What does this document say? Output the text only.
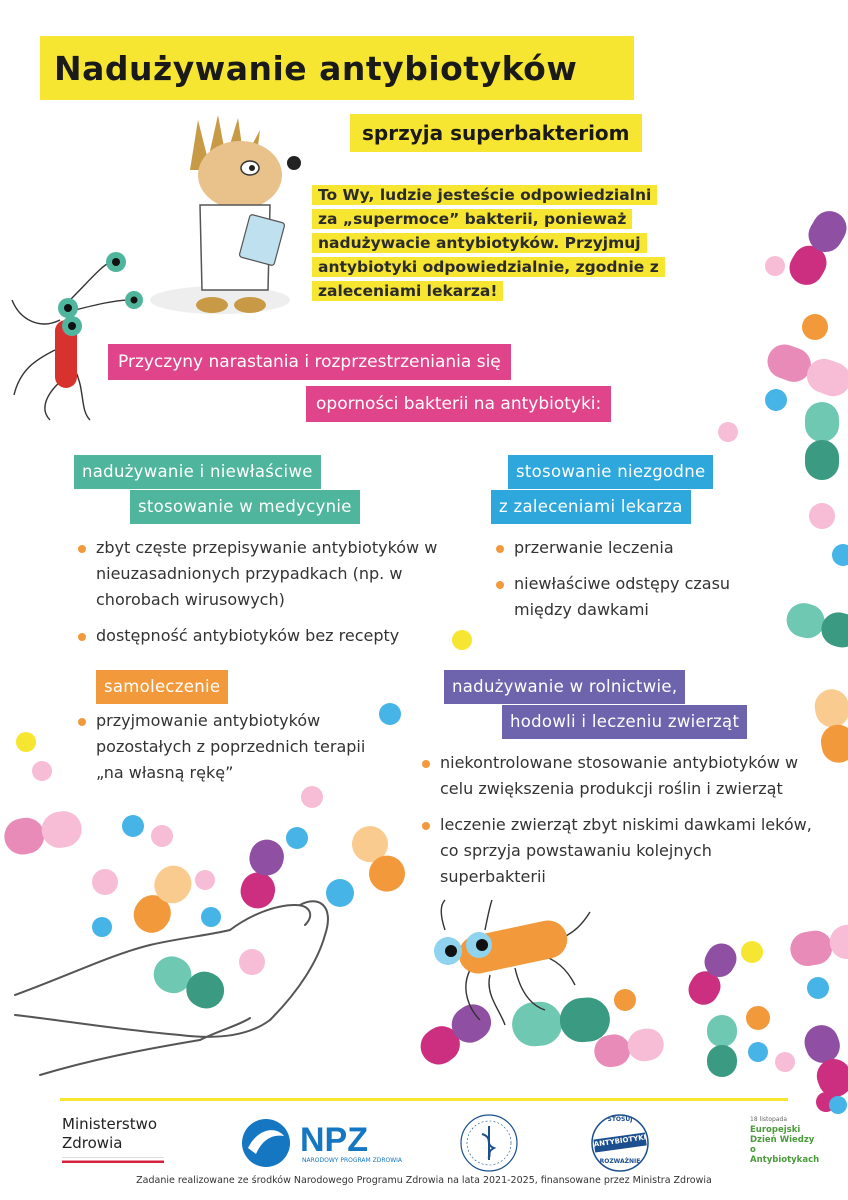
Nadużywanie antybiotyków
sprzyja superbakteriom
To Wy, ludzie jesteście odpowiedzialni za „supermoce” bakterii, ponieważ nadużywacie antybiotyków. Przyjmuj antybiotyki odpowiedzialnie, zgodnie z zaleceniami lekarza!
Przyczyny narastania i rozprzestrzeniania się
oporności bakterii na antybiotyki:
nadużywanie i niewłaściwe
stosowanie w medycynie
zbyt częste przepisywanie antybiotyków w nieuzasadnionych przypadkach (np. w chorobach wirusowych)
dostępność antybiotyków bez recepty
stosowanie niezgodne
z zaleceniami lekarza
przerwanie leczenia
niewłaściwe odstępy czasu między dawkami
samoleczenie
przyjmowanie antybiotyków pozostałych z poprzednich terapii „na własną rękę”
nadużywanie w rolnictwie,
hodowli i leczeniu zwierząt
niekontrolowane stosowanie antybiotyków w celu zwiększenia produkcji roślin i zwierząt
leczenie zwierząt zbyt niskimi dawkami leków, co sprzyja powstawaniu kolejnych superbakterii
Ministerstwo
Zdrowia	NPZ
NARODOWY PROGRAM ZDROWIA
STOSUJ
ANTYBIOTYKI
ROZWAŻNIE
18 listopada
Europejski Dzień Wiedzy o Antybiotykach
Zadanie realizowane ze środków Narodowego Programu Zdrowia na lata 2021-2025, finansowane przez Ministra Zdrowia
